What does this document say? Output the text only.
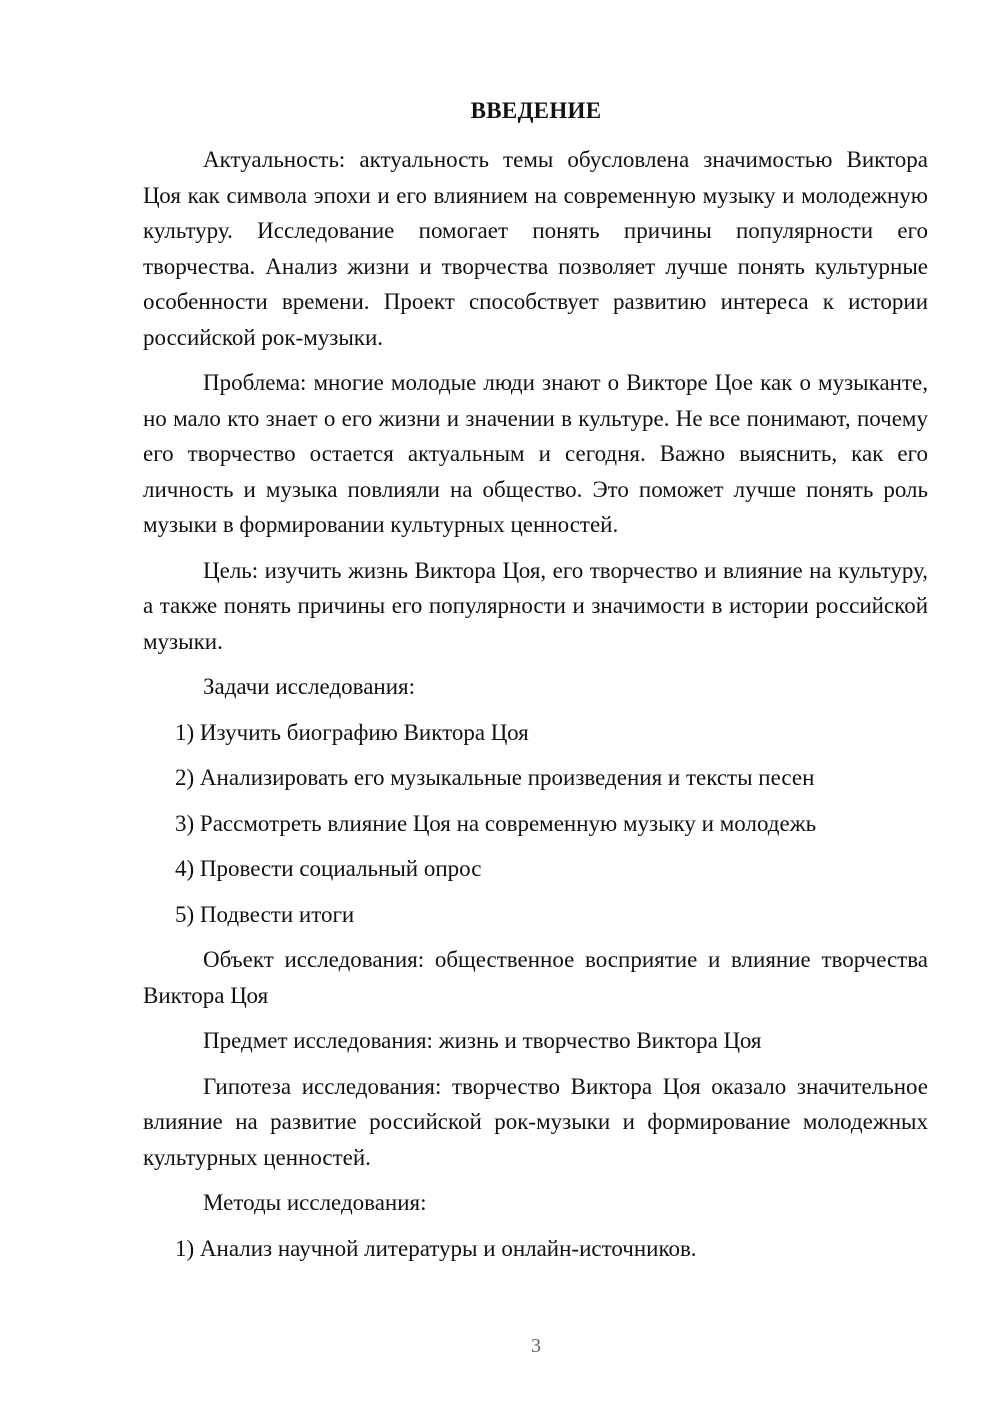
ВВЕДЕНИЕ

Актуальность: актуальность темы обусловлена значимостью Виктора Цоя как символа эпохи и его влиянием на современную музыку и молодежную культуру. Исследование помогает понять причины популярности его творчества. Анализ жизни и творчества позволяет лучше понять культурные особенности времени. Проект способствует развитию интереса к истории российской рок-музыки.

Проблема: многие молодые люди знают о Викторе Цое как о музыканте, но мало кто знает о его жизни и значении в культуре. Не все понимают, почему его творчество остается актуальным и сегодня. Важно выяснить, как его личность и музыка повлияли на общество. Это поможет лучше понять роль музыки в формировании культурных ценностей.

Цель: изучить жизнь Виктора Цоя, его творчество и влияние на культуру, а также понять причины его популярности и значимости в истории российской музыки.

Задачи исследования:

1) Изучить биографию Виктора Цоя

2) Анализировать его музыкальные произведения и тексты песен

3) Рассмотреть влияние Цоя на современную музыку и молодежь

4) Провести социальный опрос

5) Подвести итоги

Объект исследования: общественное восприятие и влияние творчества Виктора Цоя

Предмет исследования: жизнь и творчество Виктора Цоя

Гипотеза исследования: творчество Виктора Цоя оказало значительное влияние на развитие российской рок-музыки и формирование молодежных культурных ценностей.

Методы исследования:

1) Анализ научной литературы и онлайн-источников.

3
